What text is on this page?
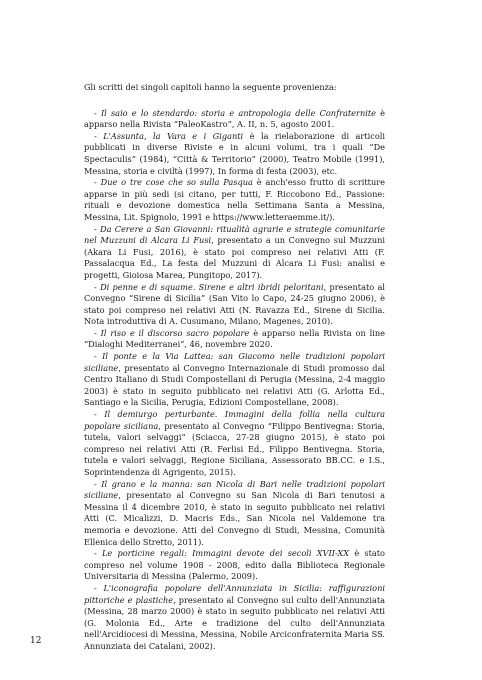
Gli scritti dei singoli capitoli hanno la seguente provenienza:

- Il saio e lo stendardo: storia e antropologia delle Confraternite è apparso nella Rivista “PaleoKastro”, A. II, n. 5, agosto 2001.

- L'Assunta, la Vara e i Giganti è la rielaborazione di articoli pubblicati in diverse Riviste e in alcuni volumi, tra i quali “De Spectaculis” (1984), “Città & Territorio” (2000), Teatro Mobile (1991), Messina, storia e civiltà (1997), In forma di festa (2003), etc.

- Due o tre cose che so sulla Pasqua è anch'esso frutto di scritture apparse in più sedi (si citano, per tutti, F. Riccobono Ed., Passione: rituali e devozione domestica nella Settimana Santa a Messina, Messina, Lit. Spignolo, 1991 e https://www.letteraemme.it/).

- Da Cerere a San Giovanni: ritualità agrarie e strategie comunitarie nel Muzzuni di Alcara Li Fusi, presentato a un Convegno sul Muzzuni (Akara Li Fusi, 2016), è stato poi compreso nei relativi Atti (F. Passalacqua Ed., La festa del Muzzuni di Alcara Li Fusi: analisi e progetti, Gioiosa Marea, Pungitopo, 2017).

- Di penne e di squame. Sirene e altri ibridi peloritani, presentato al Convegno “Sirene di Sicilia” (San Vito lo Capo, 24-25 giugno 2006), è stato poi compreso nei relativi Atti (N. Ravazza Ed., Sirene di Sicilia. Nota introduttiva di A. Cusumano, Milano, Magenes, 2010).

- Il riso e il discorso sacro popolare è apparso nella Rivista on line “Dialoghi Mediterranei”, 46, novembre 2020.

- Il ponte e la Via Lattea: san Giacomo nelle tradizioni popolari siciliane, presentato al Convegno Internazionale di Studi promosso dal Centro Italiano di Studi Compostellani di Perugia (Messina, 2-4 maggio 2003) è stato in seguito pubblicato nei relativi Atti (G. Arlotta Ed., Santiago e la Sicilia, Perugia, Edizioni Compostellane, 2008).

- Il demiurgo perturbante. Immagini della follia nella cultura popolare siciliana, presentato al Convegno “Filippo Bentivegna: Storia, tutela, valori selvaggi” (Sciacca, 27-28 giugno 2015), è stato poi compreso nei relativi Atti (R. Ferlisi Ed., Filippo Bentivegna. Storia, tutela e valori selvaggi, Regione Siciliana, Assessorato BB.CC. e I.S., Soprintendenza di Agrigento, 2015).

- Il grano e la manna: san Nicola di Bari nelle tradizioni popolari siciliane, presentato al Convegno su San Nicola di Bari tenutosi a Messina il 4 dicembre 2010, è stato in seguito pubblicato nei relativi Atti (C. Micalizzi, D. Macris Eds., San Nicola nel Valdemone tra memoria e devozione. Atti del Convegno di Studi, Messina, Comunità Ellenica dello Stretto, 2011).

- Le porticine regali: Immagini devote dei secoli XVII-XX è stato compreso nel volume 1908 - 2008, edito dalla Biblioteca Regionale Universitaria di Messina (Palermo, 2009).

- L'iconografia popolare dell'Annunziata in Sicilia: raffigurazioni pittoriche e plastiche, presentato al Convegno sul culto dell'Annunziata (Messina, 28 marzo 2000) è stato in seguito pubblicato nei relativi Atti (G. Molonia Ed., Arte e tradizione del culto dell'Annunziata nell'Arcidiocesi di Messina, Messina, Nobile Arciconfraternita Maria SS. Annunziata dei Catalani, 2002).

12
